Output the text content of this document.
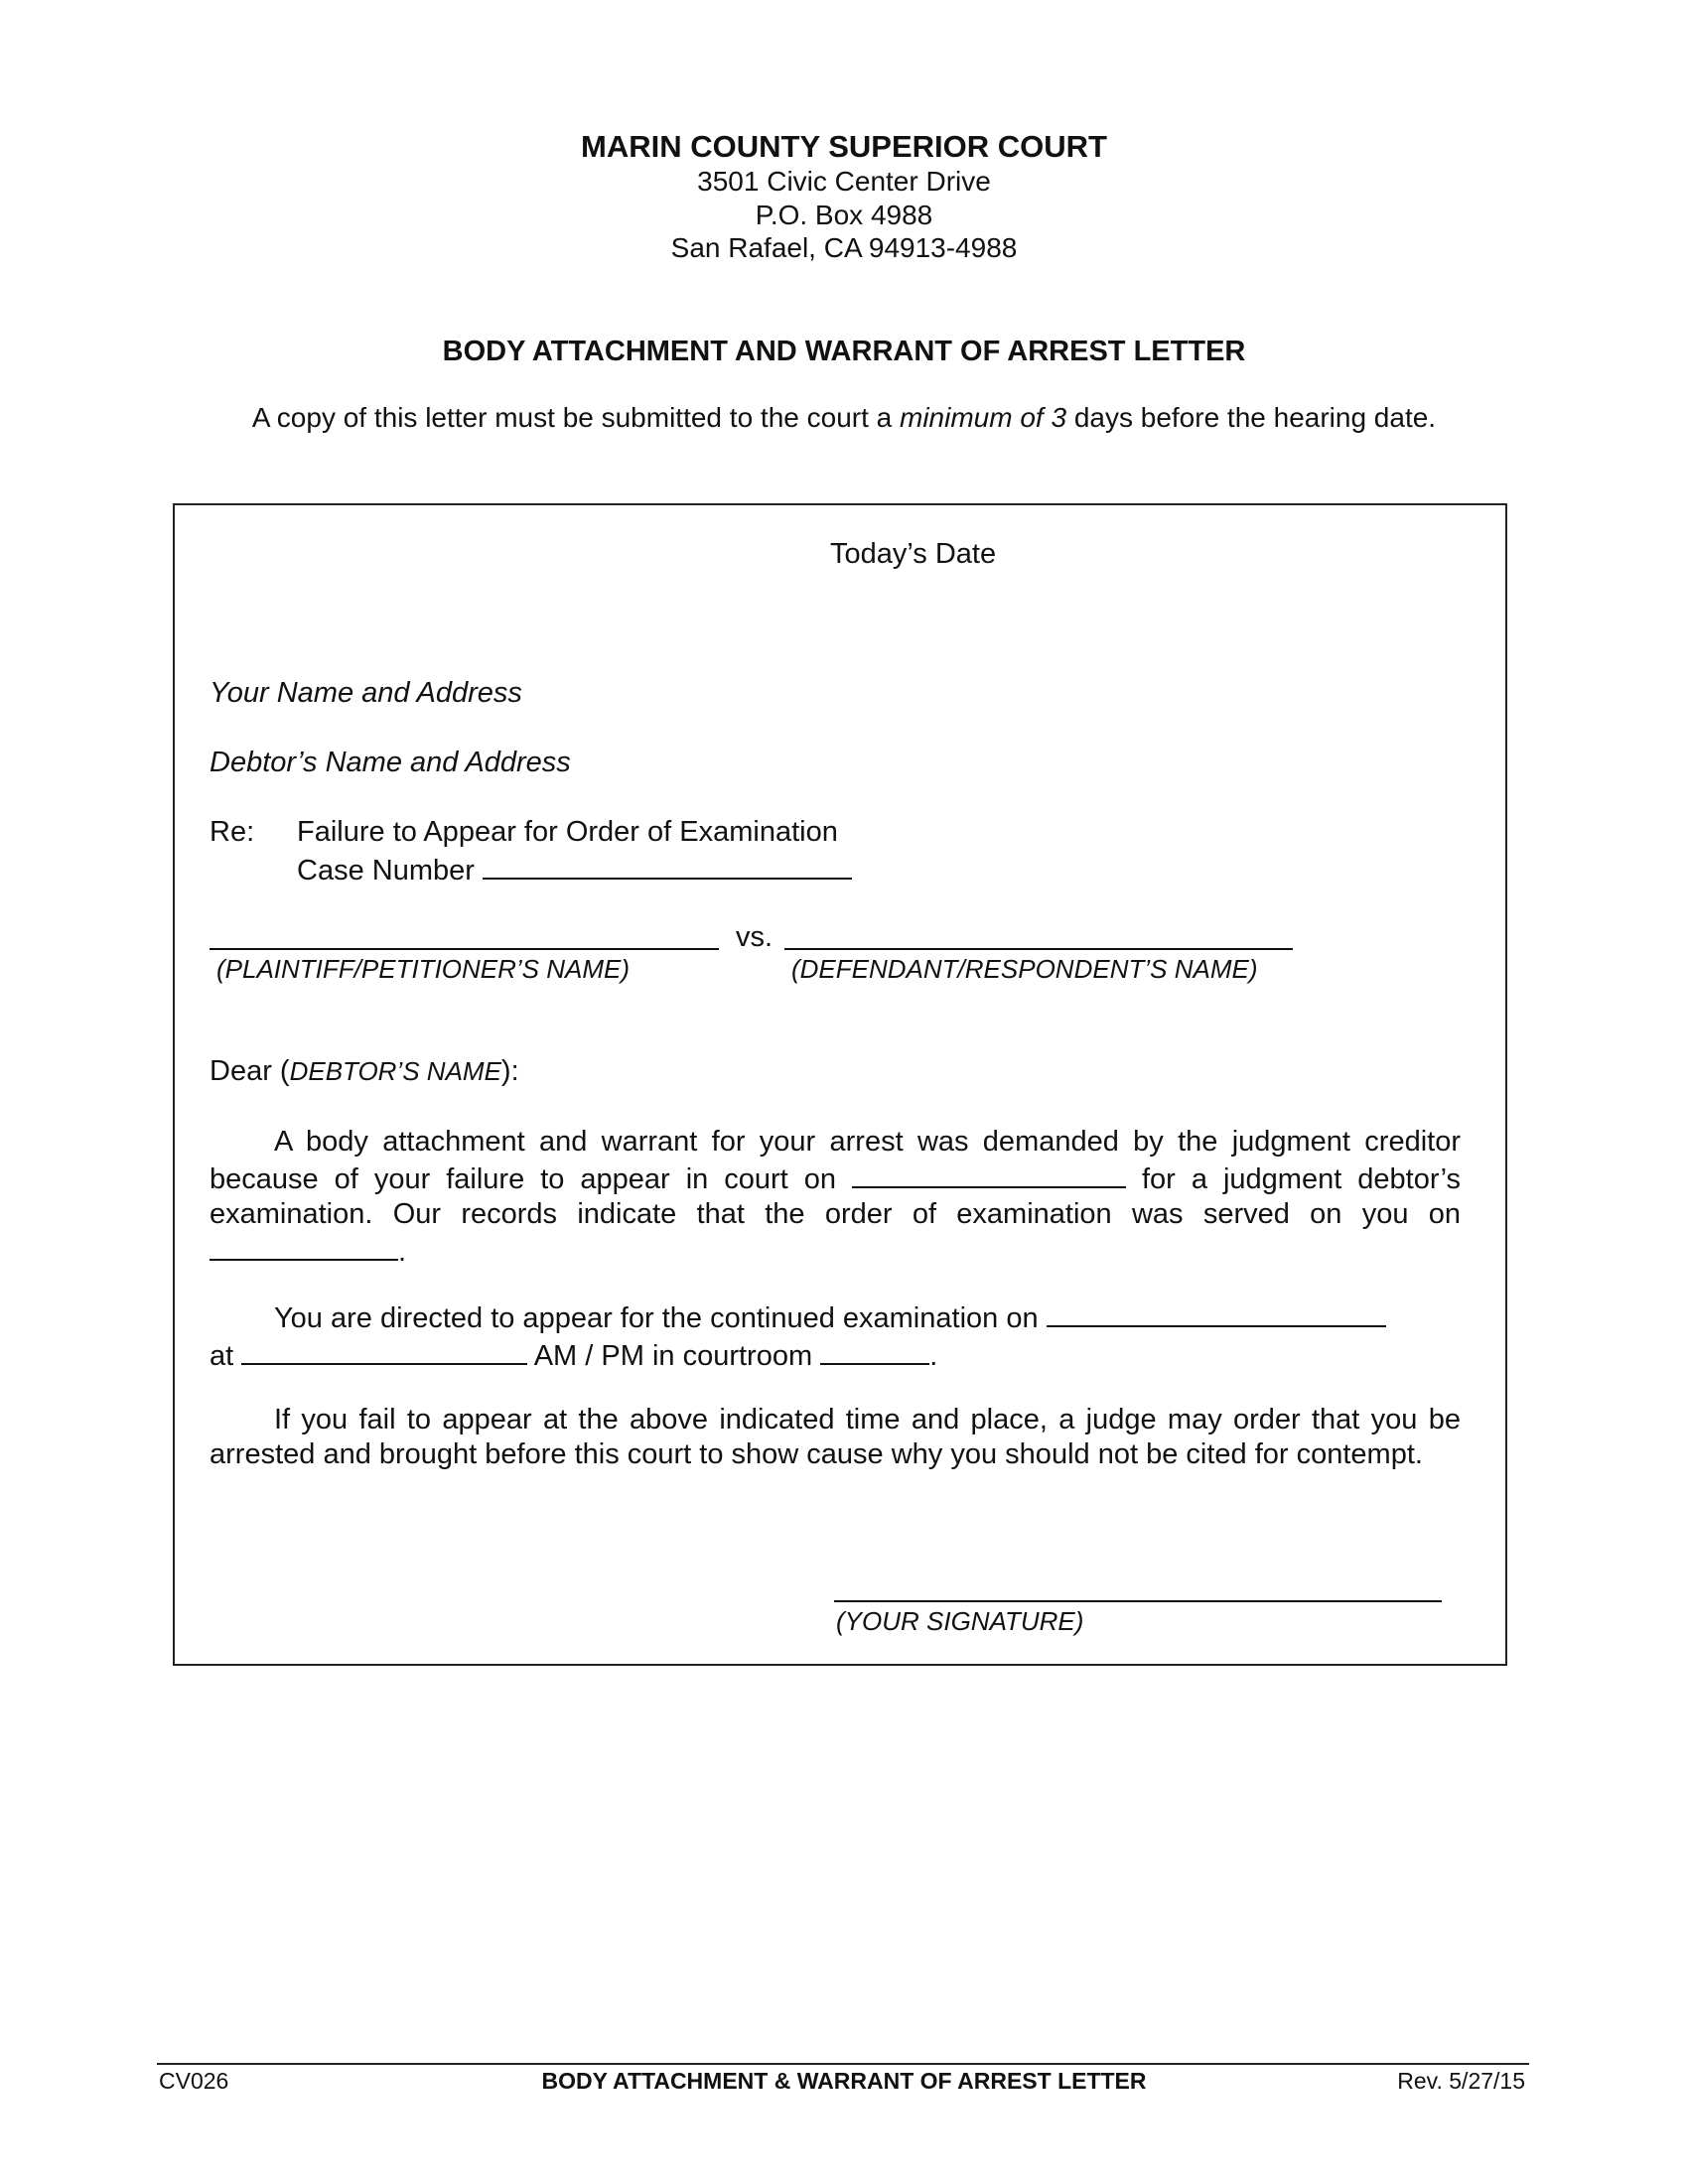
MARIN COUNTY SUPERIOR COURT
3501 Civic Center Drive
P.O. Box 4988
San Rafael, CA 94913-4988
BODY ATTACHMENT AND WARRANT OF ARREST LETTER
A copy of this letter must be submitted to the court a minimum of 3 days before the hearing date.
Today’s Date
Your Name and Address
Debtor’s Name and Address
Re: Failure to Appear for Order of Examination
Case Number
vs.
(PLAINTIFF/PETITIONER’S NAME)	(DEFENDANT/RESPONDENT’S NAME)
Dear (DEBTOR’S NAME):

A body attachment and warrant for your arrest was demanded by the judgment creditor

because of your failure to appear in court on	for a judgment debtor’s
examination. Our records indicate that the order of examination was served on you on
.
You are directed to appear for the continued examination on
at	AM / PM in courtroom	.

If you fail to appear at the above indicated time and place, a judge may order that you be arrested and brought before this court to show cause why you should not be cited for contempt.

(YOUR SIGNATURE)
CV026	BODY ATTACHMENT & WARRANT OF ARREST LETTER	Rev. 5/27/15
